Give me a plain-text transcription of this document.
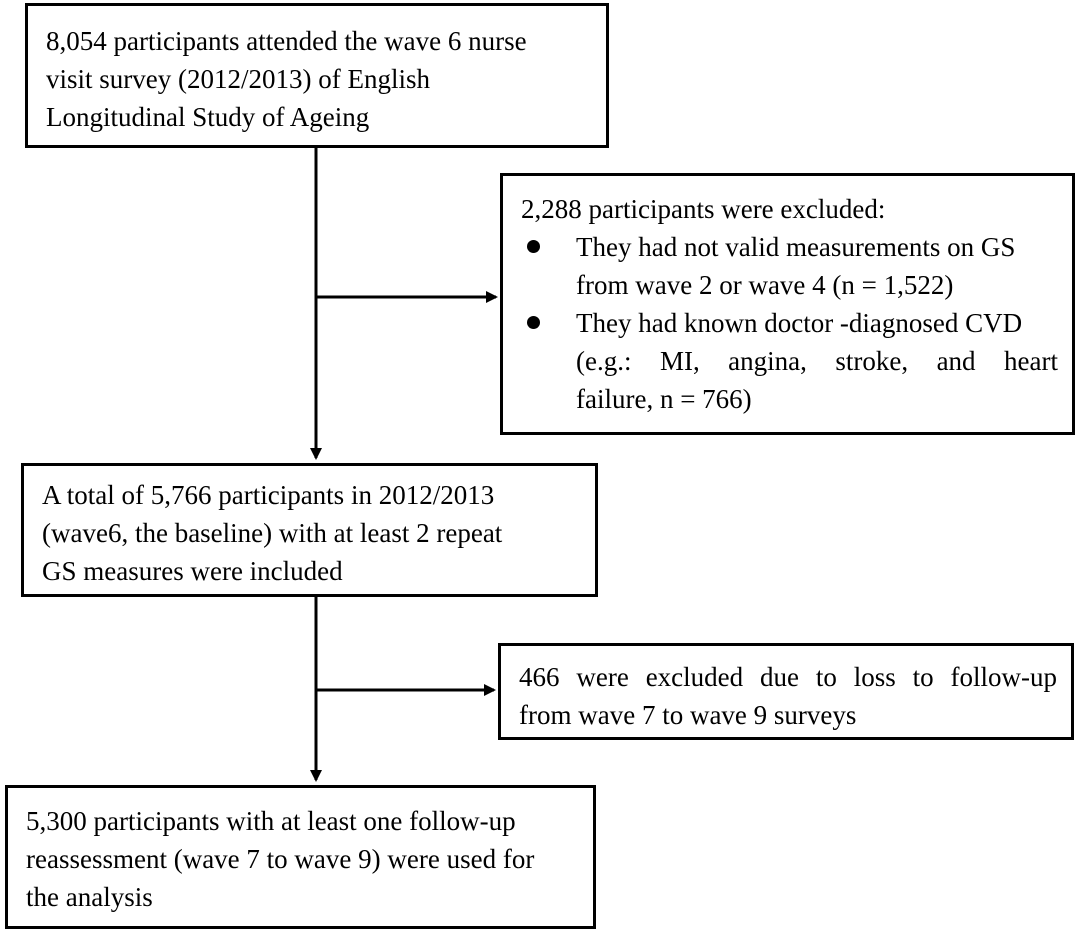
8,054 participants attended the wave 6 nurse

visit survey (2012/2013) of English

Longitudinal Study of Ageing

2,288 participants were excluded:

They had not valid measurements on GS

from wave 2 or wave 4 (n = 1,522)

They had known doctor -diagnosed CVD

(e.g.: MI, angina, stroke, and heart

failure, n = 766)

A total of 5,766 participants in 2012/2013

(wave6, the baseline) with at least 2 repeat

GS measures were included

466 were excluded due to loss to follow-up

from wave 7 to wave 9 surveys

5,300 participants with at least one follow-up

reassessment (wave 7 to wave 9) were used for

the analysis
